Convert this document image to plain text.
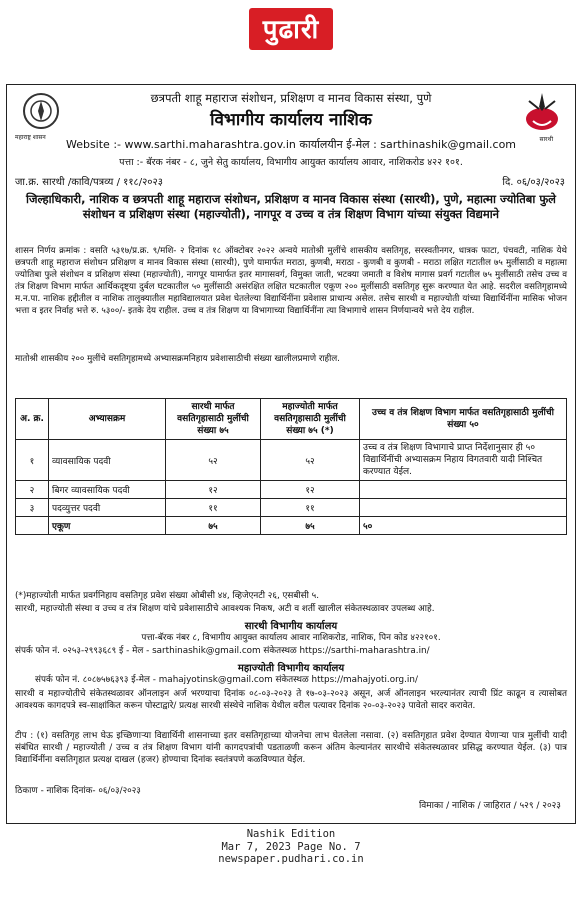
पुढारी
महाराष्ट्र शासन	सारथी
छत्रपती शाहू महाराज संशोधन, प्रशिक्षण व मानव विकास संस्था, पुणे
विभागीय कार्यालय नाशिक
Website :- www.sarthi.maharashtra.gov.in कार्यालयीन ई-मेल : sarthinashik@gmail.com
पत्ता :- बॅरक नंबर - ८, जुने सेतु कार्यालय, विभागीय आयुक्त कार्यालय आवार, नाशिकरोड ४२२ १०१.
जा.क्र. सारथी /कावि/पत्रव्य / ११८/२०२३	दि. ०६/०३/२०२३
जिल्हाधिकारी, नाशिक व छत्रपती शाहू महाराज संशोधन, प्रशिक्षण व मानव विकास संस्था (सारथी), पुणे, महात्मा ज्योतिबा फुले संशोधन व प्रशिक्षण संस्था (महाज्योती), नागपूर व उच्च व तंत्र शिक्षण विभाग यांच्या संयुक्त विद्यमाने
शासन निर्णय क्रमांक : वसति ५३१७/प्र.क्र. ९/मशि- २ दिनांक १८ ऑक्टोबर २०२२ अन्वये मातोश्री मुलींचे शासकीय वसतिगृह, सरस्वतीनगर, धात्रक फाटा, पंचवटी, नाशिक येथे छत्रपती शाहू महाराज संशोधन प्रशिक्षण व मानव विकास संस्था (सारथी), पुणे यामार्फत मराठा, कुणबी, मराठा - कुणबी व कुणबी - मराठा लक्षित गटातील ७५ मुलींसाठी व महात्मा ज्योतिबा फुले संशोधन व प्रशिक्षण संस्था (महाज्योती), नागपूर यामार्फत इतर मागासवर्ग, विमुक्त जाती, भटक्या जमाती व विशेष मागास प्रवर्ग गटातील ७५ मुलींसाठी तसेच उच्च व तंत्र शिक्षण विभाग मार्फत आर्थिकदृष्ट्या दुर्बल घटकातील ५० मुलींसाठी असंरक्षित लक्षित घटकातील एकूण २०० मुलींसाठी वसतिगृह सुरू करण्यात येत आहे. सदरील वसतिगृहामध्ये म.न.पा. नाशिक हद्दीतील व नाशिक तालुक्यातील महाविद्यालयात प्रवेश घेतलेल्या विद्यार्थिनींना प्रवेशास प्राधान्य असेल. तसेच सारथी व महाज्योती यांच्या विद्यार्थिनींना मासिक भोजन भत्ता व इतर निर्वाह भत्ते रु. ५३००/- इतके देय राहील. उच्च व तंत्र शिक्षण या विभागाच्या विद्यार्थिनींना त्या विभागाचे शासन निर्णयान्वये भत्ते देय राहील.
मातोश्री शासकीय २०० मुलींचे वसतिगृहामध्ये अभ्यासक्रमनिहाय प्रवेशासाठीची संख्या खालीलप्रमाणे राहील.
अ. क्र.	अभ्यासक्रम	सारथी मार्फत वसतिगृहासाठी मुलींची संख्या ७५	महाज्योती मार्फत वसतिगृहासाठी मुलींची संख्या ७५ (*)	उच्च व तंत्र शिक्षण विभाग मार्फत वसतिगृहासाठी मुलींची संख्या ५०
१	व्यावसायिक पदवी	५२	५२	उच्च व तंत्र शिक्षण विभागाचे प्राप्त निर्देशानुसार ही ५० विद्यार्थिनींची अभ्यासक्रम निहाय विगतवारी यादी निश्चित करण्यात येईल.
२	बिगर व्यावसायिक पदवी	१२	१२	
३	पदव्युत्तर पदवी	११	११	
	एकूण	७५	७५	५०
(*)महाज्योती मार्फत प्रवर्गनिहाय वसतिगृह प्रवेश संख्या ओबीसी ४४, व्हिजेएनटी २६, एसबीसी ५.
सारथी, महाज्योती संस्था व उच्च व तंत्र शिक्षण यांचे प्रवेशासाठीचे आवश्यक निकष, अटी व शर्ती खालील संकेतस्थळावर उपलब्ध आहे.
सारथी विभागीय कार्यालय
पत्ता-बॅरक नंबर ८, विभागीय आयुक्त कार्यालय आवार नाशिकरोड, नाशिक, पिन कोड ४२२१०१.
संपर्क फोन नं. ०२५३-२९९३६८९ ई - मेल - sarthinashik@gmail.com संकेतस्थळ https://sarthi-maharashtra.in/
महाज्योती विभागीय कार्यालय
संपर्क फोन नं. ८०८७५७६३९३ ई-मेल - mahajyotinsk@gmail.com संकेतस्थळ https://mahajyoti.org.in/
सारथी व महाज्योतीचे संकेतस्थळावर ऑनलाइन अर्ज भरण्याचा दिनांक ०८-०३-२०२३ ते १७-०३-२०२३ असून, अर्ज ऑनलाइन भरल्यानंतर त्याची प्रिंट काढून व त्यासोबत आवश्यक कागदपत्रे स्व-साक्षांकित करून पोस्टाद्वारे/ प्रत्यक्ष सारथी संस्थेचे नाशिक येथील वरील पत्यावर दिनांक २०-०३-२०२३ पावेतो सादर करावेत.
टीप : (१) वसतिगृह लाभ घेऊ इच्छिणाऱ्या विद्यार्थिनी शासनाच्या इतर वसतिगृहाच्या योजनेचा लाभ घेतलेला नसावा. (२) वसतिगृहात प्रवेश देण्यात येणाऱ्या पात्र मुलींची यादी संबंधित सारथी / महाज्योती / उच्च व तंत्र शिक्षण विभाग यांनी कागदपत्रांची पडताळणी करून अंतिम केल्यानंतर सारथीचे संकेतस्थळावर प्रसिद्ध करण्यात येईल. (३) पात्र विद्यार्थिनींना वसतिगृहात प्रत्यक्ष दाखल (हजर) होण्याचा दिनांक स्वतंत्रपणे कळविण्यात येईल.
ठिकाण - नाशिक दिनांक- ०६/०३/२०२३
विमाका / नाशिक / जाहिरात / ५२९ / २०२३
Nashik Edition
Mar 7, 2023 Page No. 7
newspaper.pudhari.co.in
